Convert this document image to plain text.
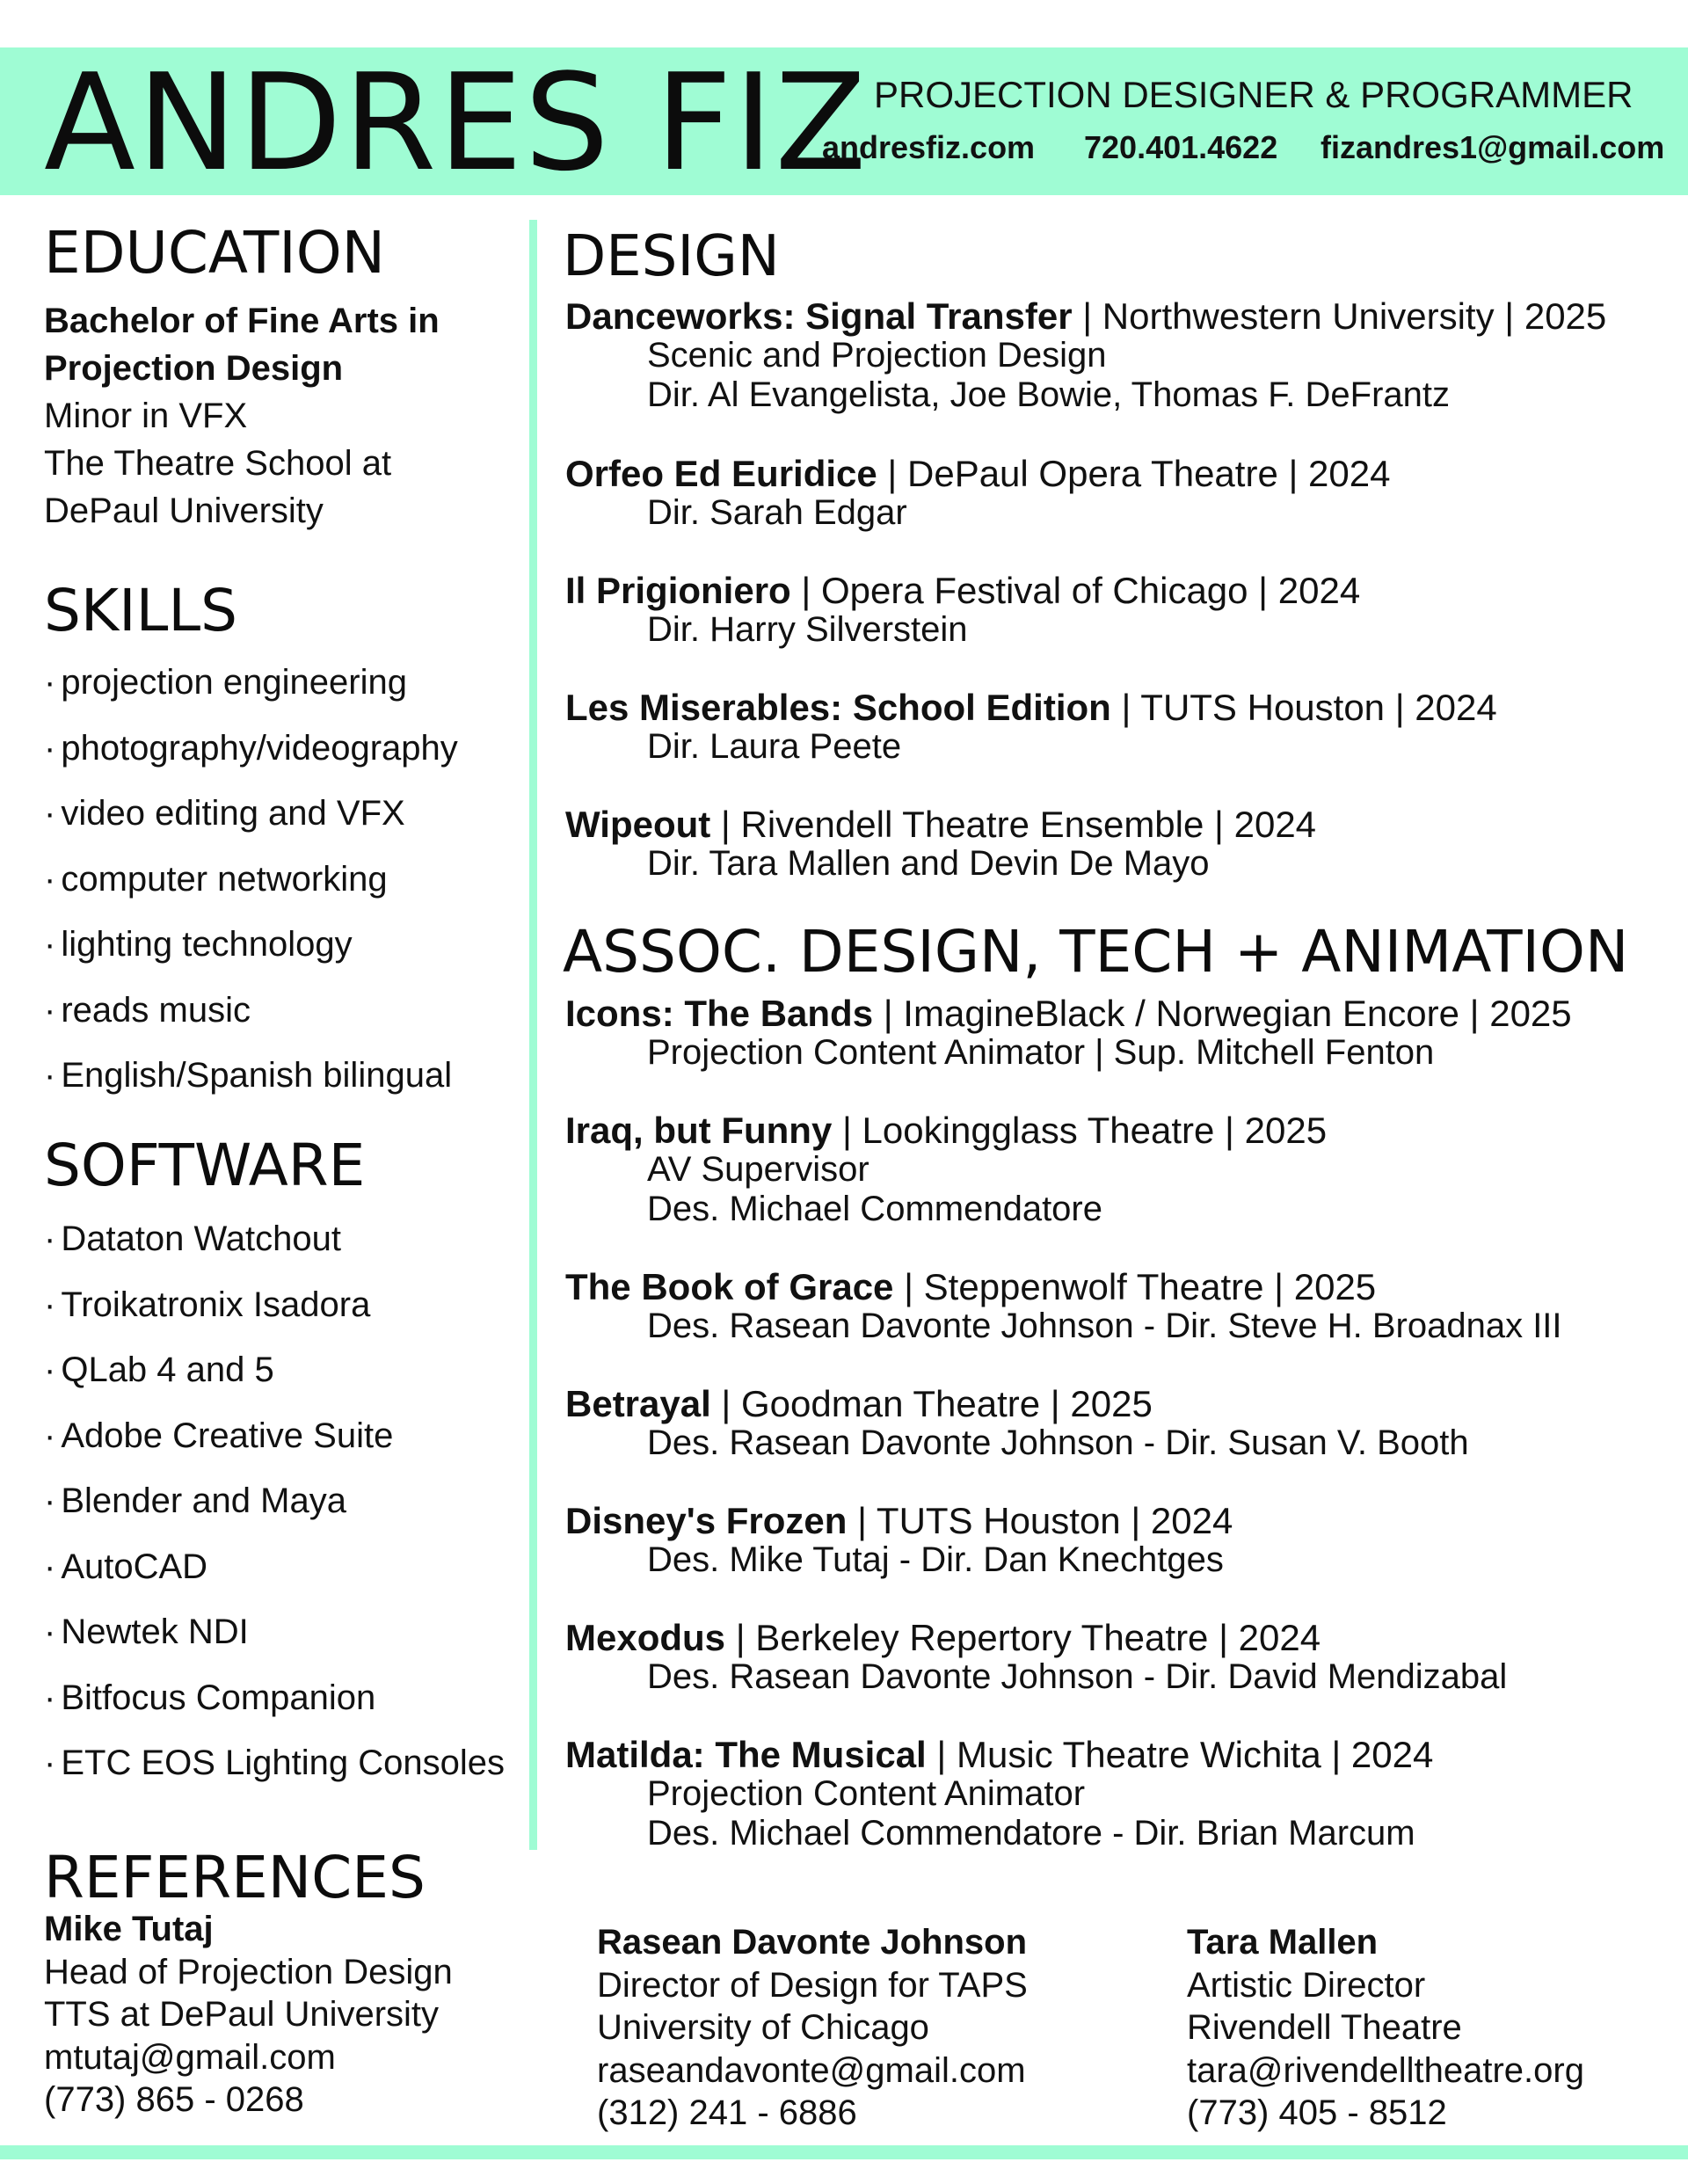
ANDRES FIZ PROJECTION DESIGNER & PROGRAMMER
andresfiz.com 720.401.4622 fizandres1@gmail.com
EDUCATION
Bachelor of Fine Arts in
Projection Design
Minor in VFX
The Theatre School at
DePaul University
SKILLS
· projection engineering
· photography/videography
· video editing and VFX
· computer networking
· lighting technology
· reads music
· English/Spanish bilingual
SOFTWARE
· Dataton Watchout
· Troikatronix Isadora
· QLab 4 and 5
· Adobe Creative Suite
· Blender and Maya
· AutoCAD
· Newtek NDI
· Bitfocus Companion
· ETC EOS Lighting Consoles
DESIGN
Danceworks: Signal Transfer | Northwestern University | 2025
Scenic and Projection Design
Dir. Al Evangelista, Joe Bowie, Thomas F. DeFrantz
Orfeo Ed Euridice | DePaul Opera Theatre | 2024
Dir. Sarah Edgar
Il Prigioniero | Opera Festival of Chicago | 2024
Dir. Harry Silverstein
Les Miserables: School Edition | TUTS Houston | 2024
Dir. Laura Peete
Wipeout | Rivendell Theatre Ensemble | 2024
Dir. Tara Mallen and Devin De Mayo
ASSOC. DESIGN, TECH + ANIMATION
Icons: The Bands | ImagineBlack / Norwegian Encore | 2025
Projection Content Animator | Sup. Mitchell Fenton
Iraq, but Funny | Lookingglass Theatre | 2025
AV Supervisor
Des. Michael Commendatore
The Book of Grace | Steppenwolf Theatre | 2025
Des. Rasean Davonte Johnson - Dir. Steve H. Broadnax III
Betrayal | Goodman Theatre | 2025
Des. Rasean Davonte Johnson - Dir. Susan V. Booth
Disney's Frozen | TUTS Houston | 2024
Des. Mike Tutaj - Dir. Dan Knechtges
Mexodus | Berkeley Repertory Theatre | 2024
Des. Rasean Davonte Johnson - Dir. David Mendizabal
Matilda: The Musical | Music Theatre Wichita | 2024
Projection Content Animator
Des. Michael Commendatore - Dir. Brian Marcum
REFERENCES
Mike Tutaj
Head of Projection Design
TTS at DePaul University
mtutaj@gmail.com
(773) 865 - 0268
Rasean Davonte Johnson
Director of Design for TAPS
University of Chicago
raseandavonte@gmail.com
(312) 241 - 6886
Tara Mallen
Artistic Director
Rivendell Theatre
tara@rivendelltheatre.org
(773) 405 - 8512
